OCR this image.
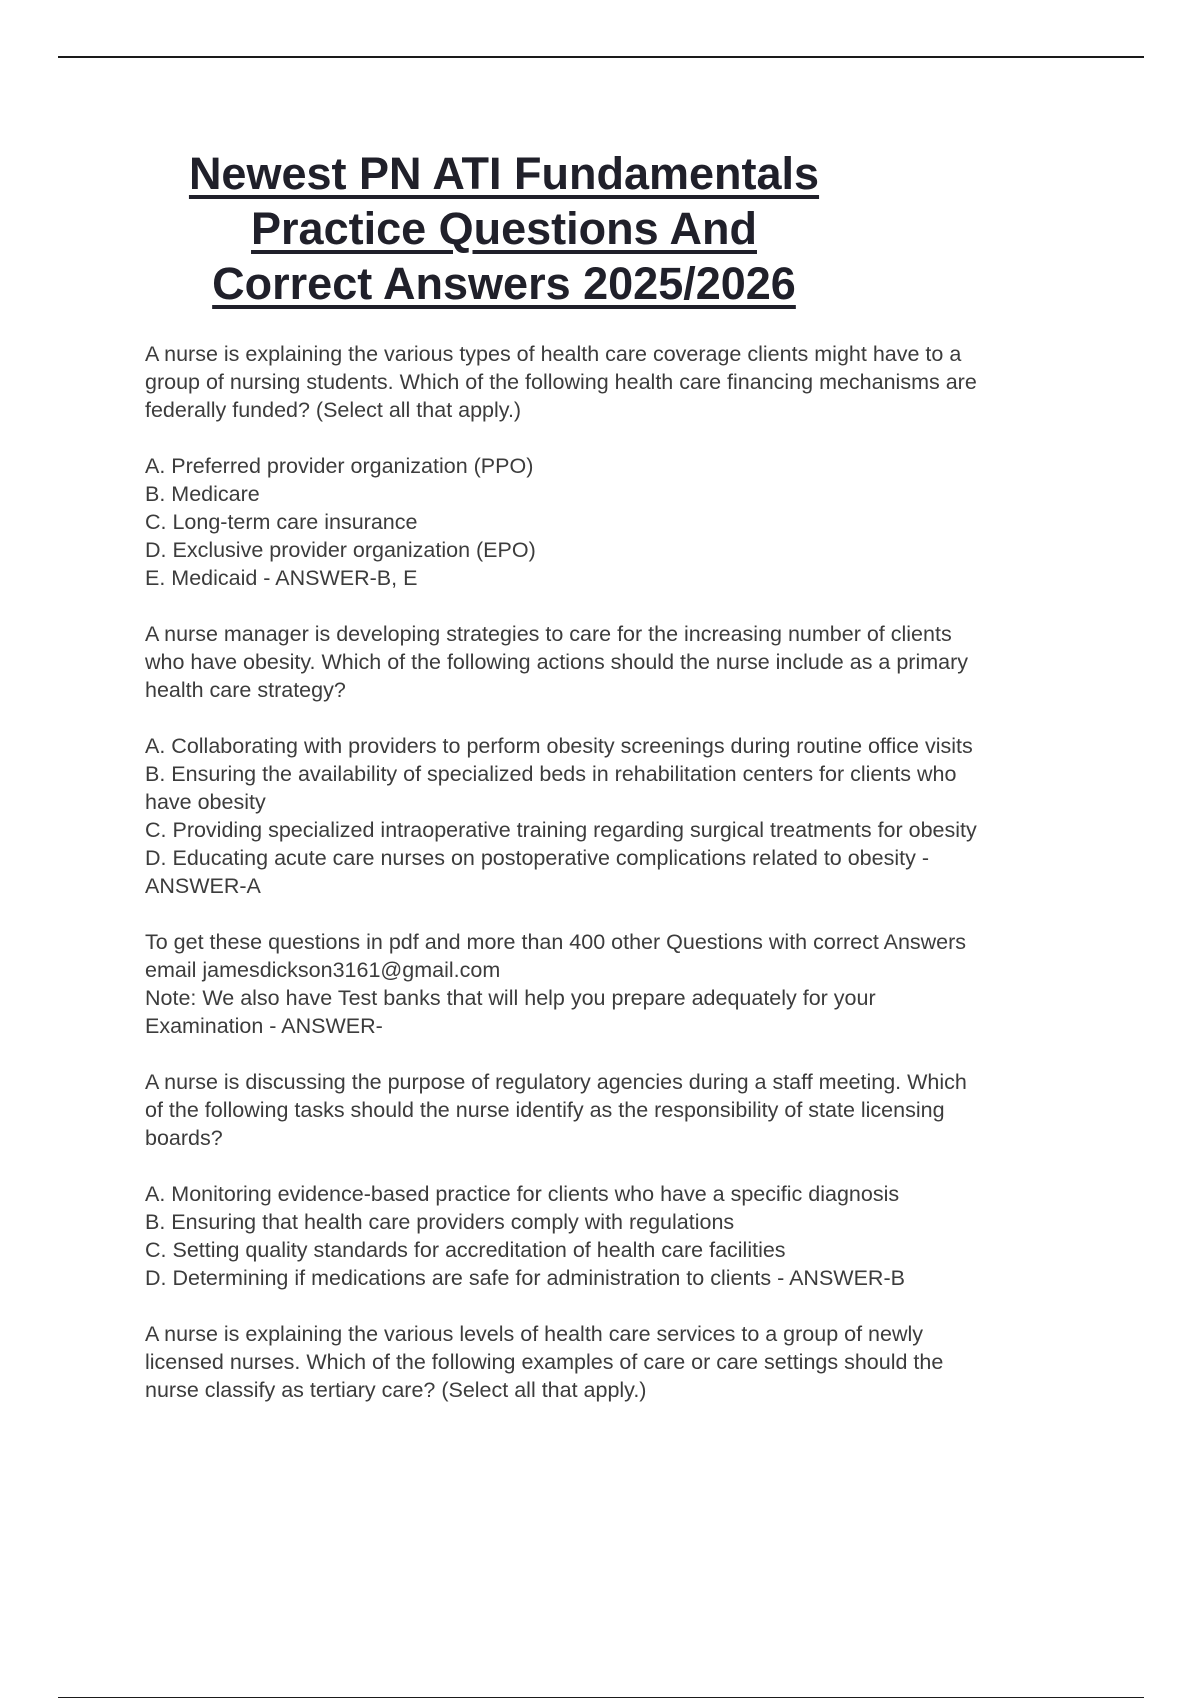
Newest PN ATI Fundamentals
Practice Questions And
Correct Answers 2025/2026
A nurse is explaining the various types of health care coverage clients might have to a
group of nursing students. Which of the following health care financing mechanisms are
federally funded? (Select all that apply.)
A. Preferred provider organization (PPO)
B. Medicare
C. Long-term care insurance
D. Exclusive provider organization (EPO)
E. Medicaid - ANSWER-B, E
A nurse manager is developing strategies to care for the increasing number of clients
who have obesity. Which of the following actions should the nurse include as a primary
health care strategy?
A. Collaborating with providers to perform obesity screenings during routine office visits
B. Ensuring the availability of specialized beds in rehabilitation centers for clients who
have obesity
C. Providing specialized intraoperative training regarding surgical treatments for obesity
D. Educating acute care nurses on postoperative complications related to obesity -
ANSWER-A
To get these questions in pdf and more than 400 other Questions with correct Answers
email jamesdickson3161@gmail.com
Note: We also have Test banks that will help you prepare adequately for your
Examination - ANSWER-
A nurse is discussing the purpose of regulatory agencies during a staff meeting. Which
of the following tasks should the nurse identify as the responsibility of state licensing
boards?
A. Monitoring evidence-based practice for clients who have a specific diagnosis
B. Ensuring that health care providers comply with regulations
C. Setting quality standards for accreditation of health care facilities
D. Determining if medications are safe for administration to clients - ANSWER-B
A nurse is explaining the various levels of health care services to a group of newly
licensed nurses. Which of the following examples of care or care settings should the
nurse classify as tertiary care? (Select all that apply.)
